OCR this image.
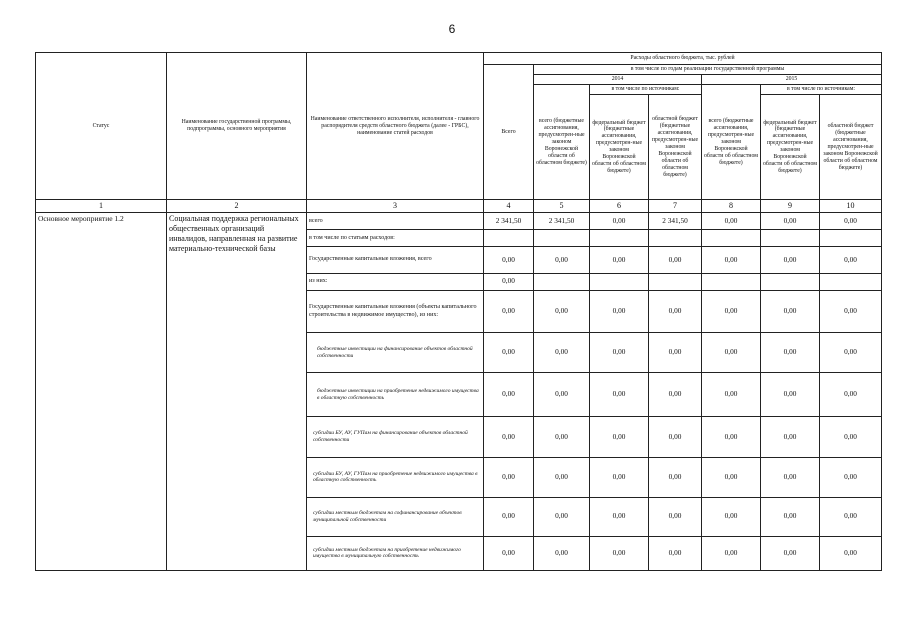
6
Статус	Наименование государственной программы, подпрограммы, основного мероприятия	Наименование ответственного исполнителя, исполнителя - главного распорядителя средств областного бюджета (далее - ГРБС), наименование статей расходов	Расходы областного бюджета, тыс. рублей						
			Всего	в том числе по годам реализации государственной программы					
				2014			2015		
				всего (бюджетные ассигнования, предусмотрен-ные законом Воронежской области об областном бюджете)	в том числе по источникам:		всего (бюджетные ассигнования, предусмотрен-ные законом Воронежской области об областном бюджете)	в том числе по источникам:	
					федеральный бюджет (бюджетные ассигнования, предусмотрен-ные законом Воронежской области об областном бюджете)	областной бюджет (бюджетные ассигнования, предусмотрен-ные законом Воронежской области об областном бюджете)		федеральный бюджет (бюджетные ассигнования, предусмотрен-ные законом Воронежской области об областном бюджете)	областной бюджет (бюджетные ассигнования, предусмотрен-ные законом Воронежской области об областном бюджете)
1	2	3	4	5	6	7	8	9	10
Основное мероприятие 1.2	Социальная поддержка региональных общественных организаций инвалидов, направленная на развитие материально-технической базы	всего	2 341,50	2 341,50	0,00	2 341,50	0,00	0,00	0,00
		в том числе по статьям расходов:							
		Государственные капитальные вложения, всего	0,00	0,00	0,00	0,00	0,00	0,00	0,00
		из них:	0,00						
		Государственные капитальные вложения (объекты капитального строительства в недвижимое имущество), из них:	0,00	0,00	0,00	0,00	0,00	0,00	0,00
		бюджетные инвестиции на финансирование объектов областной собственности	0,00	0,00	0,00	0,00	0,00	0,00	0,00
		бюджетные инвестиции на приобретение недвижимого имущества в областную собственность	0,00	0,00	0,00	0,00	0,00	0,00	0,00
		субсидии БУ, АУ, ГУПам на финансирование объектов областной собственности	0,00	0,00	0,00	0,00	0,00	0,00	0,00
		субсидии БУ, АУ, ГУПам на приобретение недвижимого имущества в областную собственность	0,00	0,00	0,00	0,00	0,00	0,00	0,00
		субсидии местным бюджетам на софинансирование объектов муниципальной собственности	0,00	0,00	0,00	0,00	0,00	0,00	0,00
		субсидии местным бюджетам на приобретение недвижимого имущества в муниципальную собственность	0,00	0,00	0,00	0,00	0,00	0,00	0,00
